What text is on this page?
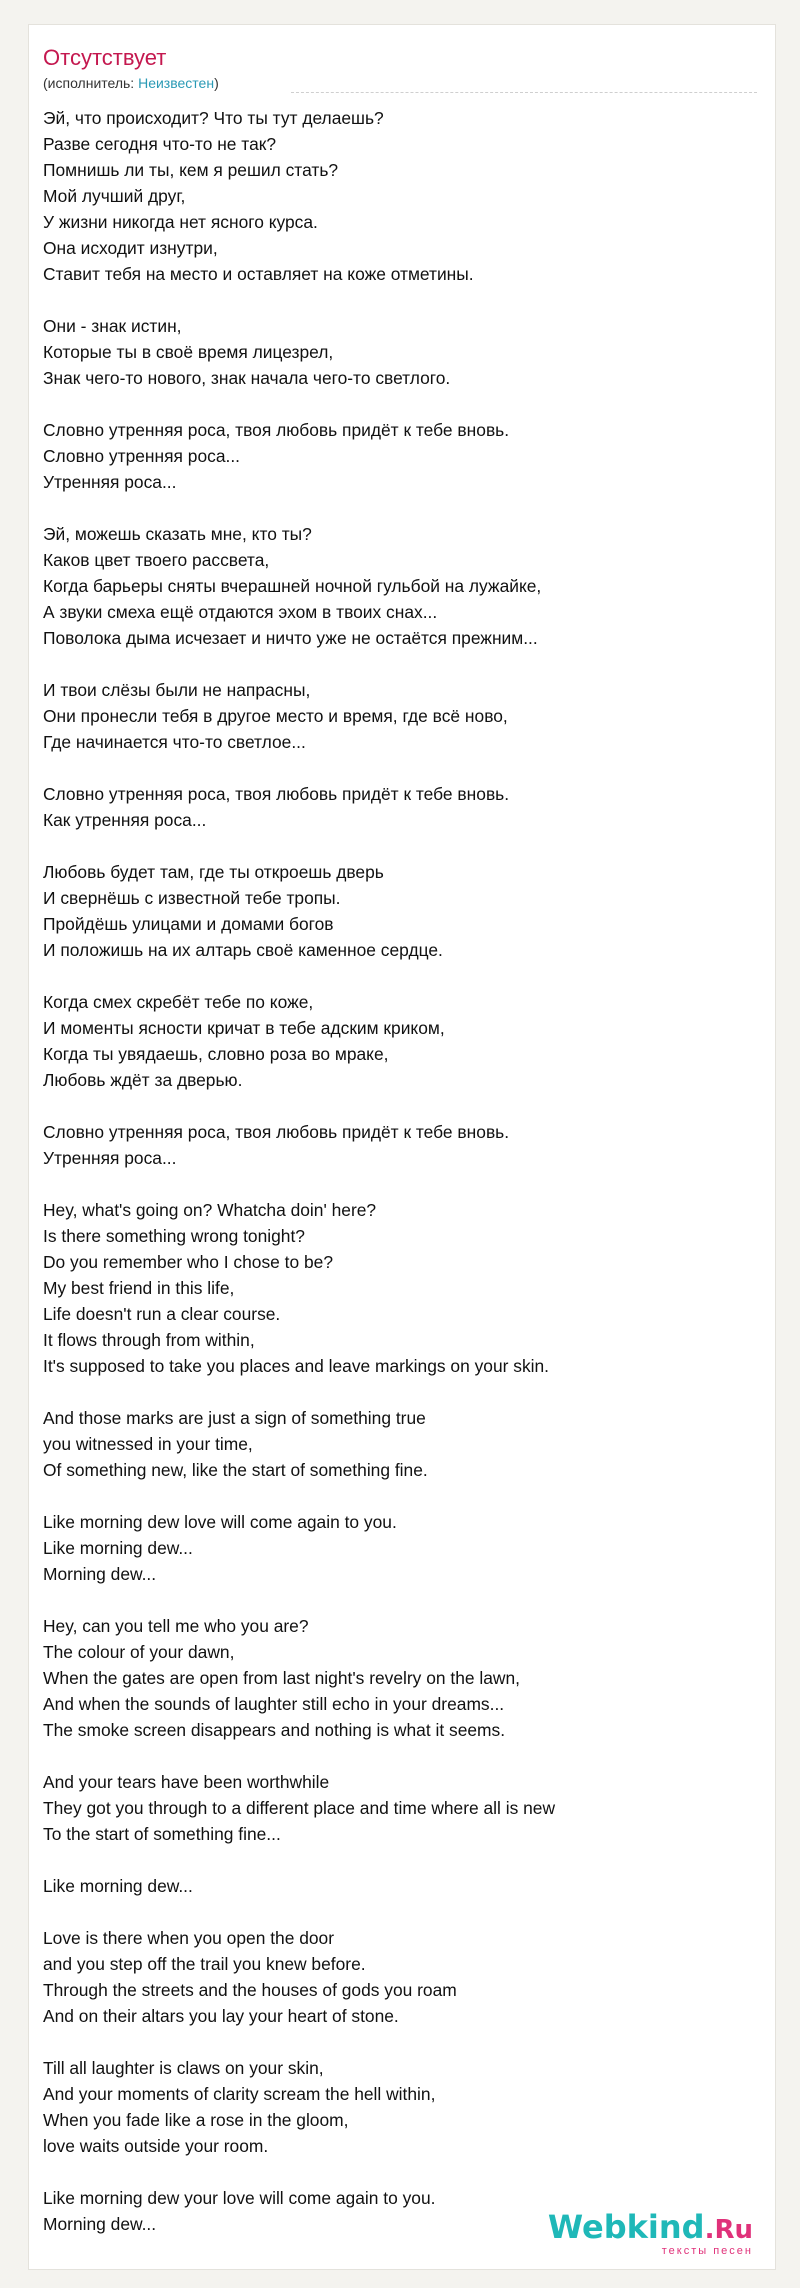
Отсутствует
(исполнитель: Неизвестен)
Эй, что происходит? Что ты тут делаешь?
Разве сегодня что-то не так?
Помнишь ли ты, кем я решил стать?
Мой лучший друг,
У жизни никогда нет ясного курса.
Она исходит изнутри,
Ставит тебя на место и оставляет на коже отметины.
Они - знак истин,
Которые ты в своё время лицезрел,
Знак чего-то нового, знак начала чего-то светлого.
Словно утренняя роса, твоя любовь придёт к тебе вновь.
Словно утренняя роса...
Утренняя роса...
Эй, можешь сказать мне, кто ты?
Каков цвет твоего рассвета,
Когда барьеры сняты вчерашней ночной гульбой на лужайке,
А звуки смеха ещё отдаются эхом в твоих снах...
Поволока дыма исчезает и ничто уже не остаётся прежним...
И твои слёзы были не напрасны,
Они пронесли тебя в другое место и время, где всё ново,
Где начинается что-то светлое...
Словно утренняя роса, твоя любовь придёт к тебе вновь.
Как утренняя роса...
Любовь будет там, где ты откроешь дверь
И свернёшь с известной тебе тропы.
Пройдёшь улицами и домами богов
И положишь на их алтарь своё каменное сердце.
Когда смех скребёт тебе по коже,
И моменты ясности кричат в тебе адским криком,
Когда ты увядаешь, словно роза во мраке,
Любовь ждёт за дверью.
Словно утренняя роса, твоя любовь придёт к тебе вновь.
Утренняя роса...
Hey, what's going on? Whatcha doin' here?
Is there something wrong tonight?
Do you remember who I chose to be?
My best friend in this life,
Life doesn't run a clear course.
It flows through from within,
It's supposed to take you places and leave markings on your skin.
And those marks are just a sign of something true
you witnessed in your time,
Of something new, like the start of something fine.
Like morning dew love will come again to you.
Like morning dew...
Morning dew...
Hey, can you tell me who you are?
The colour of your dawn,
When the gates are open from last night's revelry on the lawn,
And when the sounds of laughter still echo in your dreams...
The smoke screen disappears and nothing is what it seems.
And your tears have been worthwhile
They got you through to a different place and time where all is new
To the start of something fine...
Like morning dew...
Love is there when you open the door
and you step off the trail you knew before.
Through the streets and the houses of gods you roam
And on their altars you lay your heart of stone.
Till all laughter is claws on your skin,
And your moments of clarity scream the hell within,
When you fade like a rose in the gloom,
love waits outside your room.
Like morning dew your love will come again to you.
Morning dew...	Webkind.Ru
тексты песен
